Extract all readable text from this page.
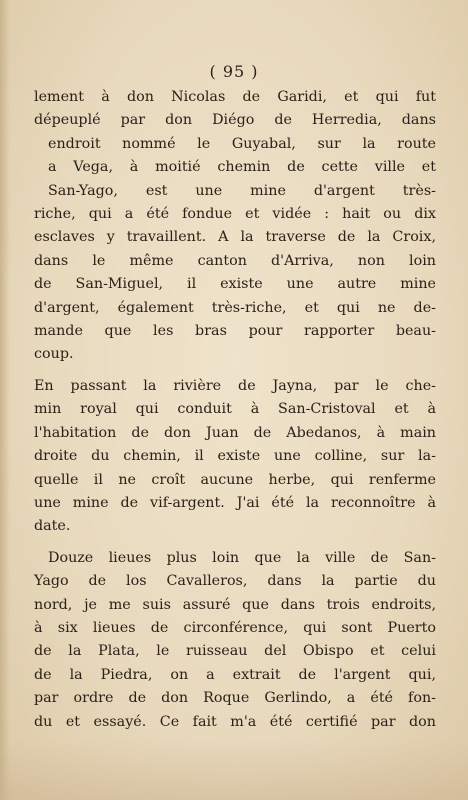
( 95 )
lement à don Nicolas de Garidi, et qui fut
dépeuplé par don Diégo de Herredia, dans
endroit nommé le Guyabal, sur la route
a Vega, à moitié chemin de cette ville et
San-Yago, est une mine d'argent très-
riche, qui a été fondue et vidée : hait ou dix
esclaves y travaillent. A la traverse de la Croix,
dans le même canton d'Arriva, non loin
de San-Miguel, il existe une autre mine
d'argent, également très-riche, et qui ne de-
mande que les bras pour rapporter beau-
coup.
En passant la rivière de Jayna, par le che-
min royal qui conduit à San-Cristoval et à
l'habitation de don Juan de Abedanos, à main
droite du chemin, il existe une colline, sur la-
quelle il ne croît aucune herbe, qui renferme
une mine de vif-argent. J'ai été la reconnoître à
date.
Douze lieues plus loin que la ville de San-
Yago de los Cavalleros, dans la partie du
nord, je me suis assuré que dans trois endroits,
à six lieues de circonférence, qui sont Puerto
de la Plata, le ruisseau del Obispo et celui
de la Piedra, on a extrait de l'argent qui,
par ordre de don Roque Gerlindo, a été fon-
du et essayé. Ce fait m'a été certifié par don
